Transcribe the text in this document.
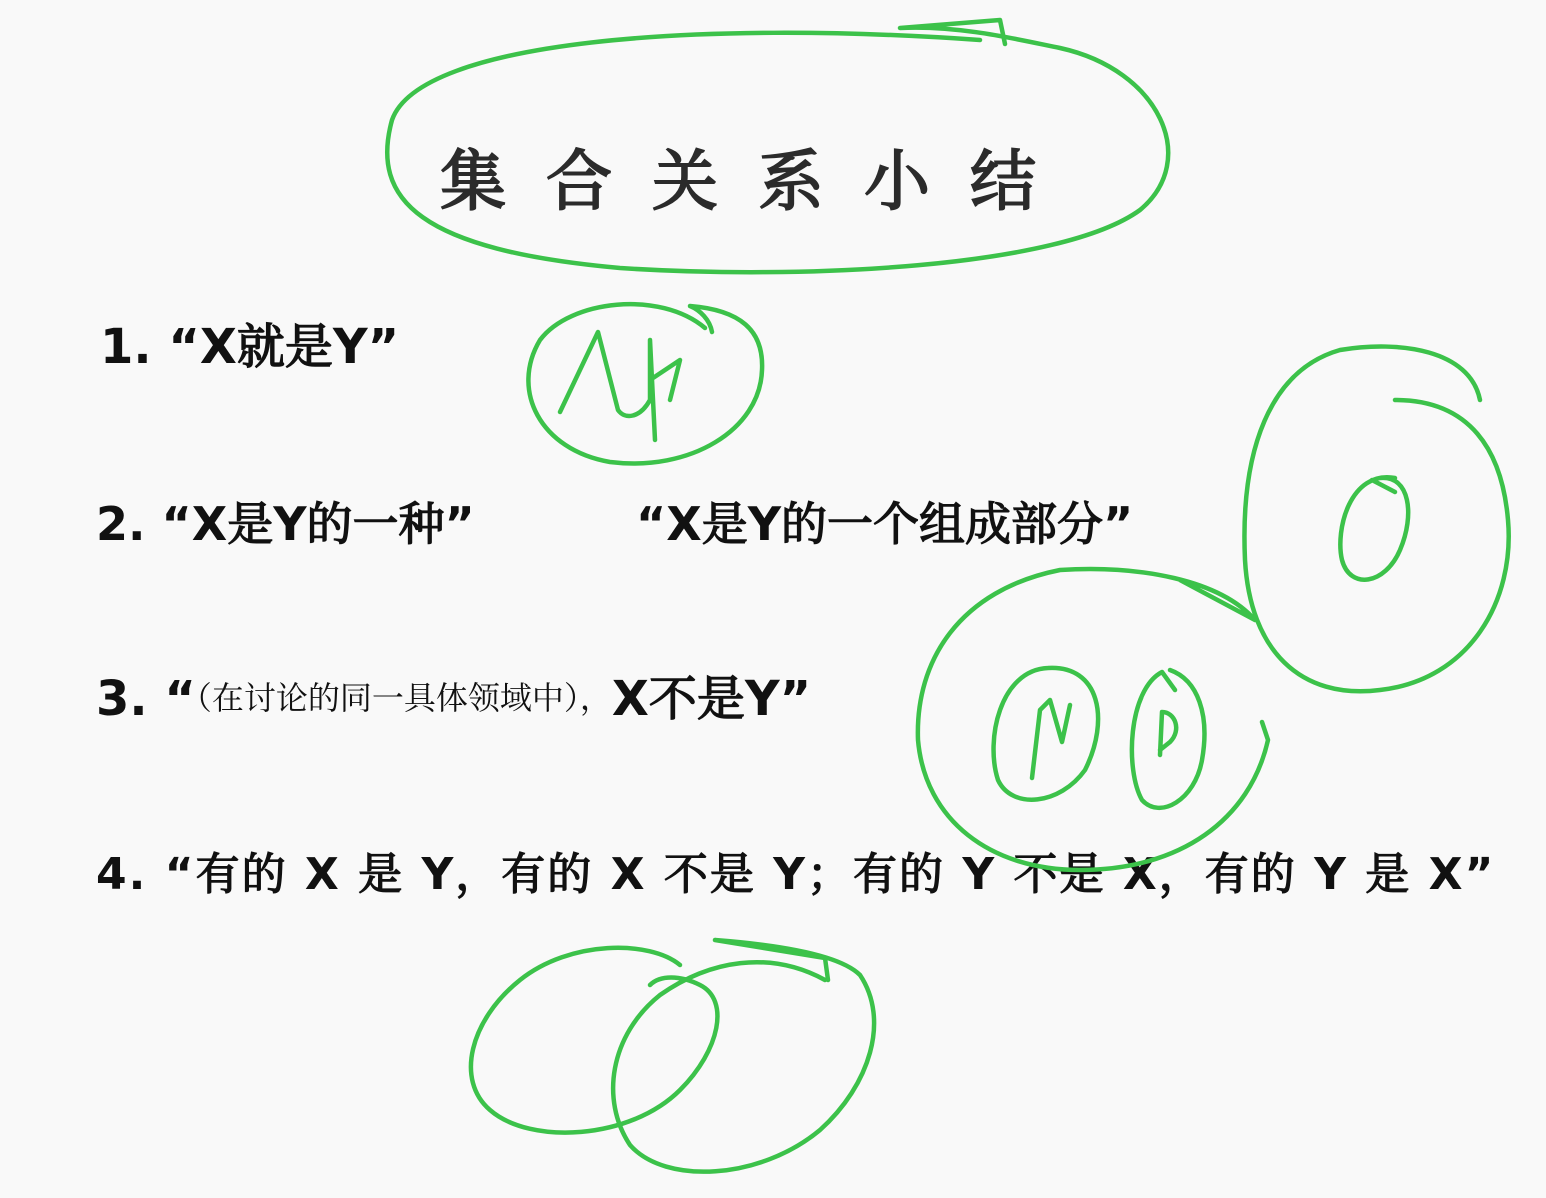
集合关系小结
1. “X就是Y”
2. “X是Y的一种”	“X是Y的一个组成部分”
3. “（在讨论的同一具体领域中），X不是Y”
4. “有的 X 是 Y，有的 X 不是 Y；有的 Y 不是 X，有的 Y 是 X”
